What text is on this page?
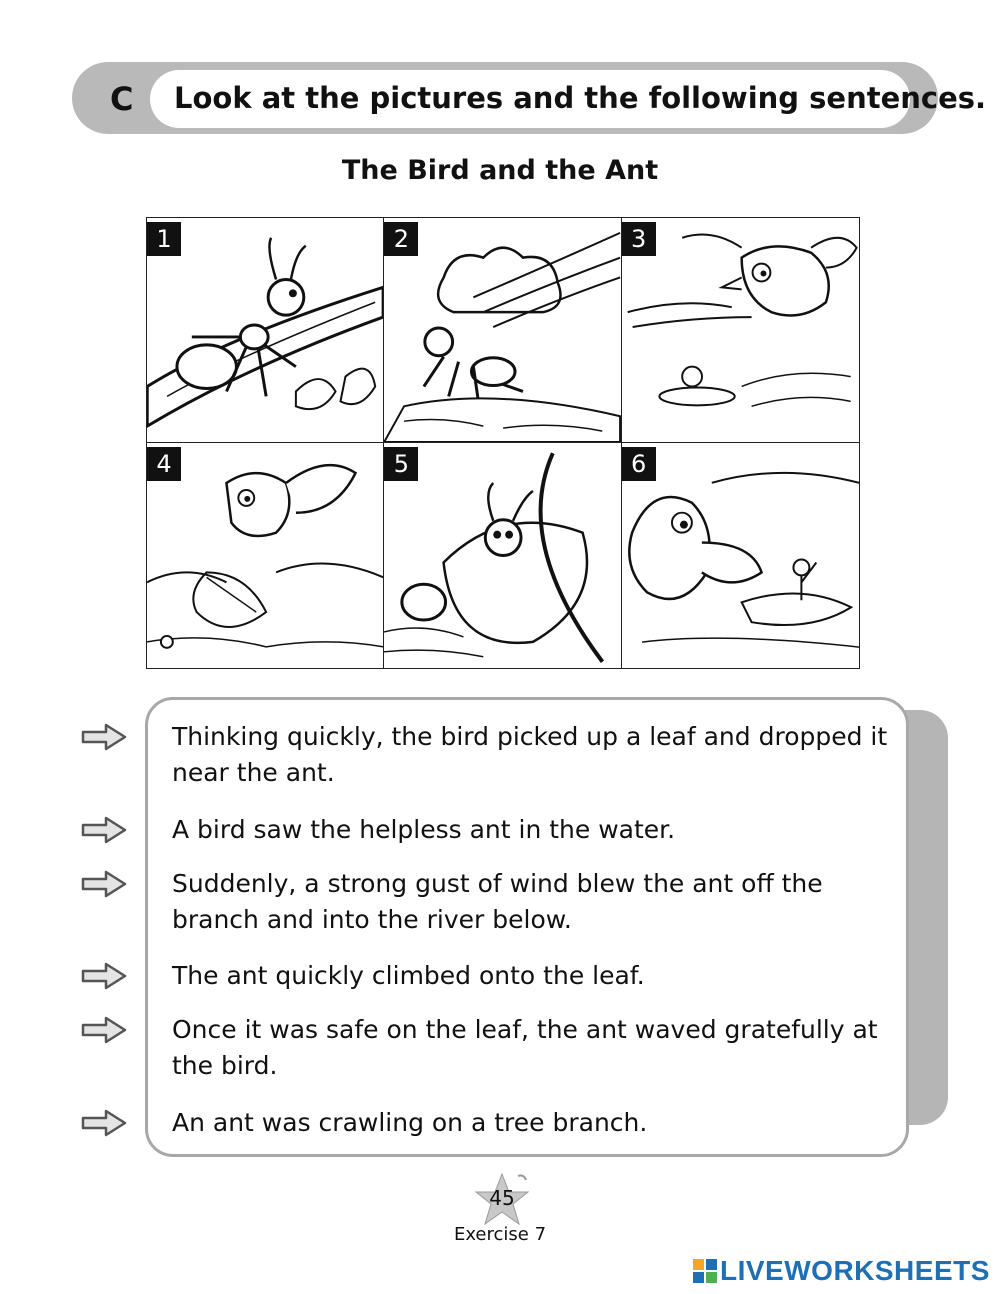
C Look at the pictures and the following sentences.
The Bird and the Ant
1	2	3
4	5	6
Thinking quickly, the bird picked up a leaf and dropped it near the ant.
A bird saw the helpless ant in the water.
Suddenly, a strong gust of wind blew the ant off the branch and into the river below.
The ant quickly climbed onto the leaf.
Once it was safe on the leaf, the ant waved gratefully at the bird.
An ant was crawling on a tree branch.
45
Exercise 7
LIVEWORKSHEETS
